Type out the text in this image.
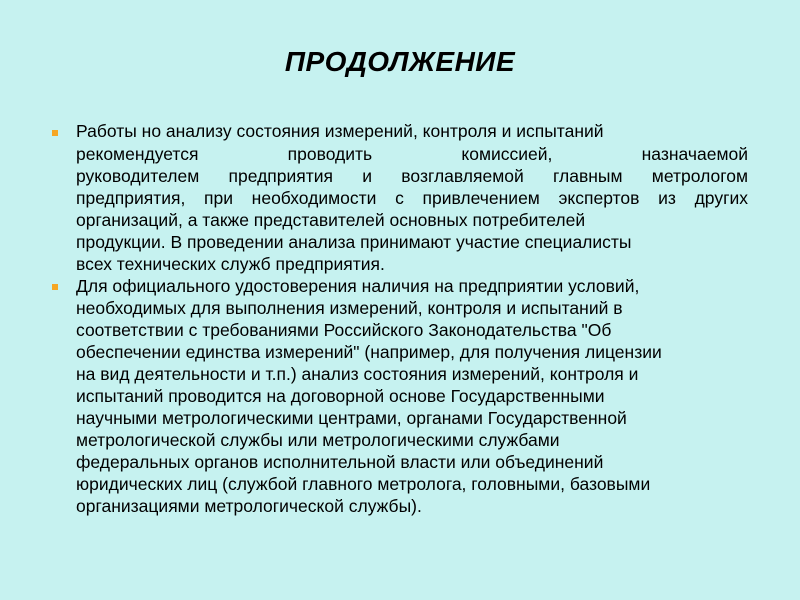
ПРОДОЛЖЕНИЕ
Работы но анализу состояния измерений, контроля и испытаний
рекомендуется проводить комиссией, назначаемой
руководителем предприятия и возглавляемой главным метрологом
предприятия, при необходимости с привлечением экспертов из других
организаций, а также представителей основных потребителей
продукции. В проведении анализа принимают участие специалисты
всех технических служб предприятия.
Для официального удостоверения наличия на предприятии условий,
необходимых для выполнения измерений, контроля и испытаний в
соответствии с требованиями Российского Законодательства "Об
обеспечении единства измерений" (например, для получения лицензии
на вид деятельности и т.п.) анализ состояния измерений, контроля и
испытаний проводится на договорной основе Государственными
научными метрологическими центрами, органами Государственной
метрологической службы или метрологическими службами
федеральных органов исполнительной власти или объединений
юридических лиц (службой главного метролога, головными, базовыми
организациями метрологической службы).
